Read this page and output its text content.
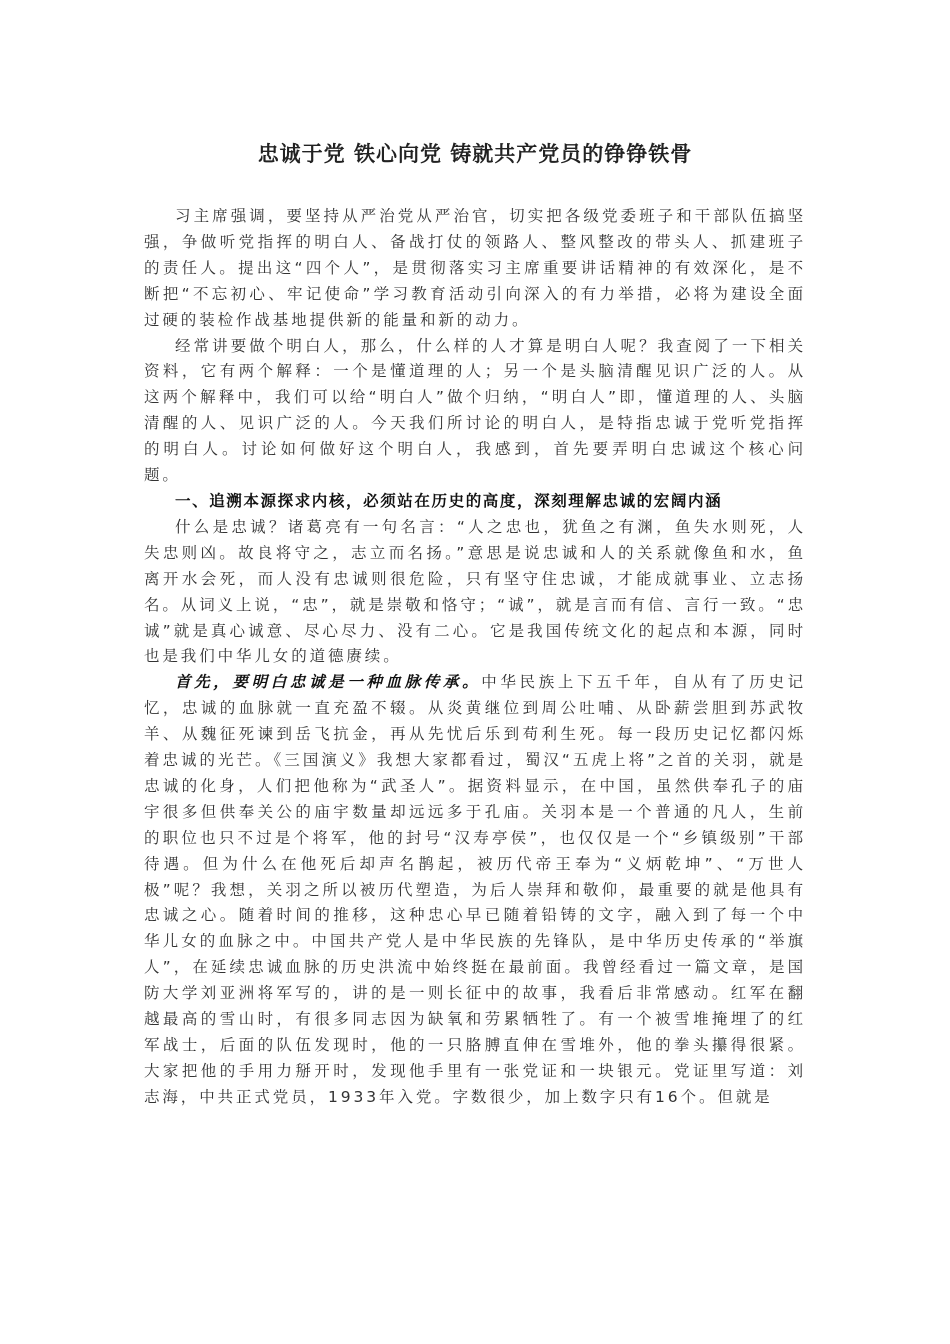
忠诚于党 铁心向党 铸就共产党员的铮铮铁骨

习主席强调，要坚持从严治党从严治官，切实把各级党委班子和干部队伍搞坚强，争做听党指挥的明白人、备战打仗的领路人、整风整改的带头人、抓建班子的责任人。提出这“四个人”，是贯彻落实习主席重要讲话精神的有效深化，是不断把“不忘初心、牢记使命”学习教育活动引向深入的有力举措，必将为建设全面过硬的装检作战基地提供新的能量和新的动力。

经常讲要做个明白人，那么，什么样的人才算是明白人呢？我查阅了一下相关资料，它有两个解释：一个是懂道理的人；另一个是头脑清醒见识广泛的人。从这两个解释中，我们可以给“明白人”做个归纳，“明白人”即，懂道理的人、头脑清醒的人、见识广泛的人。今天我们所讨论的明白人，是特指忠诚于党听党指挥的明白人。讨论如何做好这个明白人，我感到，首先要弄明白忠诚这个核心问题。

一、追溯本源探求内核，必须站在历史的高度，深刻理解忠诚的宏阔内涵

什么是忠诚？诸葛亮有一句名言：“人之忠也，犹鱼之有渊，鱼失水则死，人失忠则凶。故良将守之，志立而名扬。”意思是说忠诚和人的关系就像鱼和水，鱼离开水会死，而人没有忠诚则很危险，只有坚守住忠诚，才能成就事业、立志扬名。从词义上说，“忠”，就是崇敬和恪守；“诚”，就是言而有信、言行一致。“忠诚”就是真心诚意、尽心尽力、没有二心。它是我国传统文化的起点和本源，同时也是我们中华儿女的道德赓续。

首先，要明白忠诚是一种血脉传承。中华民族上下五千年，自从有了历史记忆，忠诚的血脉就一直充盈不辍。从炎黄继位到周公吐哺、从卧薪尝胆到苏武牧羊、从魏征死谏到岳飞抗金，再从先忧后乐到苟利生死。每一段历史记忆都闪烁着忠诚的光芒。《三国演义》我想大家都看过，蜀汉“五虎上将”之首的关羽，就是忠诚的化身，人们把他称为“武圣人”。据资料显示，在中国，虽然供奉孔子的庙宇很多但供奉关公的庙宇数量却远远多于孔庙。关羽本是一个普通的凡人，生前的职位也只不过是个将军，他的封号“汉寿亭侯”，也仅仅是一个“乡镇级别”干部待遇。但为什么在他死后却声名鹊起，被历代帝王奉为“义炳乾坤”、“万世人极”呢？我想，关羽之所以被历代塑造，为后人崇拜和敬仰，最重要的就是他具有忠诚之心。随着时间的推移，这种忠心早已随着铅铸的文字，融入到了每一个中华儿女的血脉之中。中国共产党人是中华民族的先锋队，是中华历史传承的“举旗人”，在延续忠诚血脉的历史洪流中始终挺在最前面。我曾经看过一篇文章，是国防大学刘亚洲将军写的，讲的是一则长征中的故事，我看后非常感动。红军在翻越最高的雪山时，有很多同志因为缺氧和劳累牺牲了。有一个被雪堆掩埋了的红军战士，后面的队伍发现时，他的一只胳膊直伸在雪堆外，他的拳头攥得很紧。大家把他的手用力掰开时，发现他手里有一张党证和一块银元。党证里写道：刘志海，中共正式党员，1933年入党。字数很少，加上数字只有16个。但就是
